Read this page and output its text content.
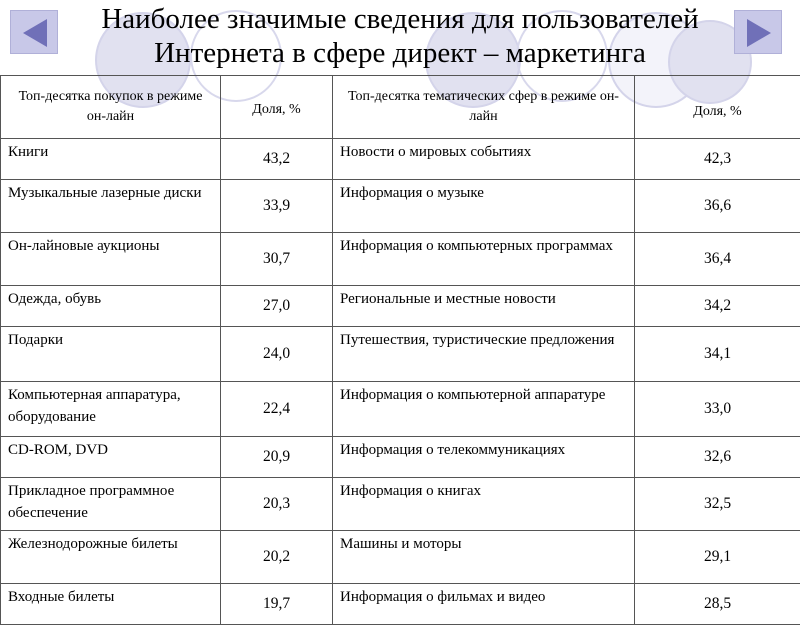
Наиболее значимые сведения для пользователей
Интернета в сфере директ – маркетинга
Топ-десятка покупок в режиме он-лайн	Доля, %	Топ-десятка тематических сфер в режиме он-лайн	Доля, %
Книги	43,2	Новости о мировых событиях	42,3
Музыкальные лазерные диски	33,9	Информация о музыке	36,6
Он-лайновые аукционы	30,7	Информация о компьютерных программах	36,4
Одежда, обувь	27,0	Региональные и местные новости	34,2
Подарки	24,0	Путешествия, туристические предложения	34,1
Компьютерная аппаратура, оборудование	22,4	Информация о компьютерной аппаратуре	33,0
CD-ROM, DVD	20,9	Информация о телекоммуникациях	32,6
Прикладное программное обеспечение	20,3	Информация о книгах	32,5
Железнодорожные билеты	20,2	Машины и моторы	29,1
Входные билеты	19,7	Информация о фильмах и видео	28,5
